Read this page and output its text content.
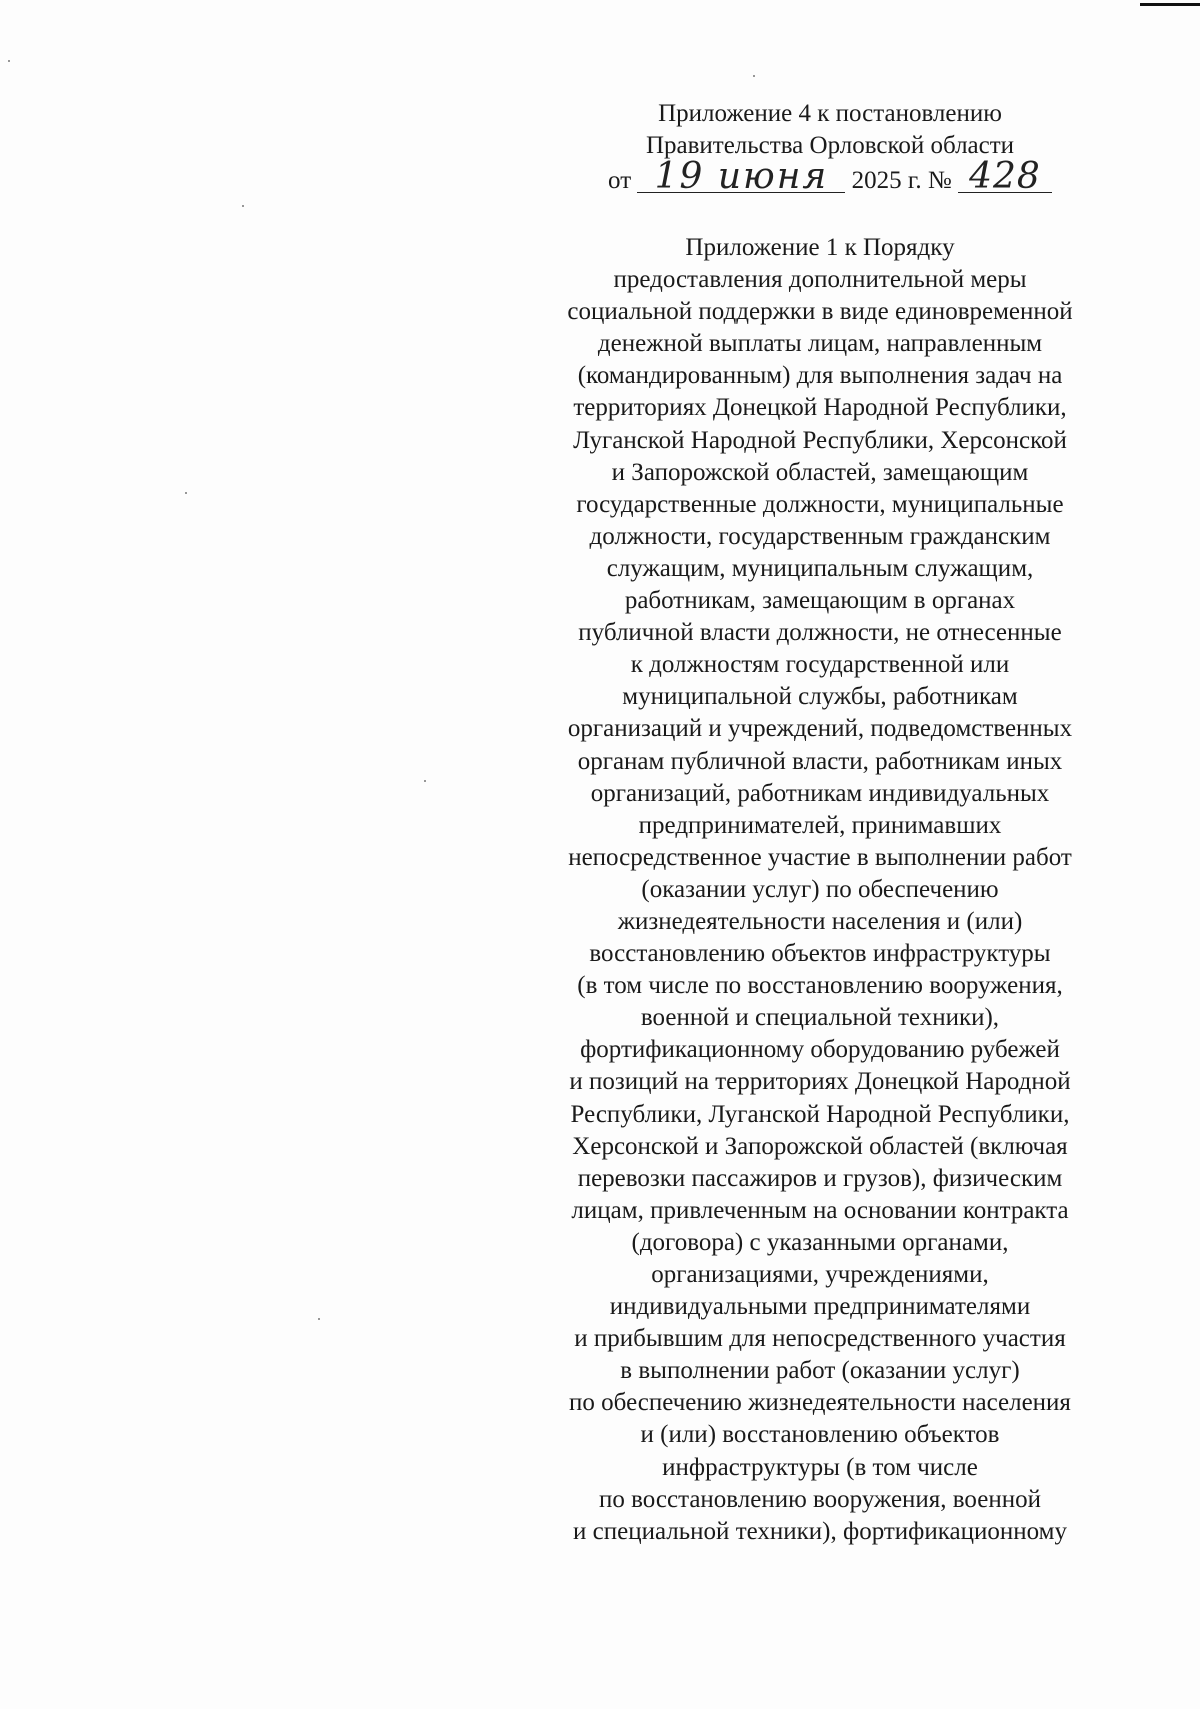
Приложение 4 к постановлению
Правительства Орловской области
от 19 июня 2025 г. № 428
Приложение 1 к Порядку
предоставления дополнительной меры
социальной поддержки в виде единовременной
денежной выплаты лицам, направленным
(командированным) для выполнения задач на
территориях Донецкой Народной Республики,
Луганской Народной Республики, Херсонской
и Запорожской областей, замещающим
государственные должности, муниципальные
должности, государственным гражданским
служащим, муниципальным служащим,
работникам, замещающим в органах
публичной власти должности, не отнесенные
к должностям государственной или
муниципальной службы, работникам
организаций и учреждений, подведомственных
органам публичной власти, работникам иных
организаций, работникам индивидуальных
предпринимателей, принимавших
непосредственное участие в выполнении работ
(оказании услуг) по обеспечению
жизнедеятельности населения и (или)
восстановлению объектов инфраструктуры
(в том числе по восстановлению вооружения,
военной и специальной техники),
фортификационному оборудованию рубежей
и позиций на территориях Донецкой Народной
Республики, Луганской Народной Республики,
Херсонской и Запорожской областей (включая
перевозки пассажиров и грузов), физическим
лицам, привлеченным на основании контракта
(договора) с указанными органами,
организациями, учреждениями,
индивидуальными предпринимателями
и прибывшим для непосредственного участия
в выполнении работ (оказании услуг)
по обеспечению жизнедеятельности населения
и (или) восстановлению объектов
инфраструктуры (в том числе
по восстановлению вооружения, военной
и специальной техники), фортификационному
